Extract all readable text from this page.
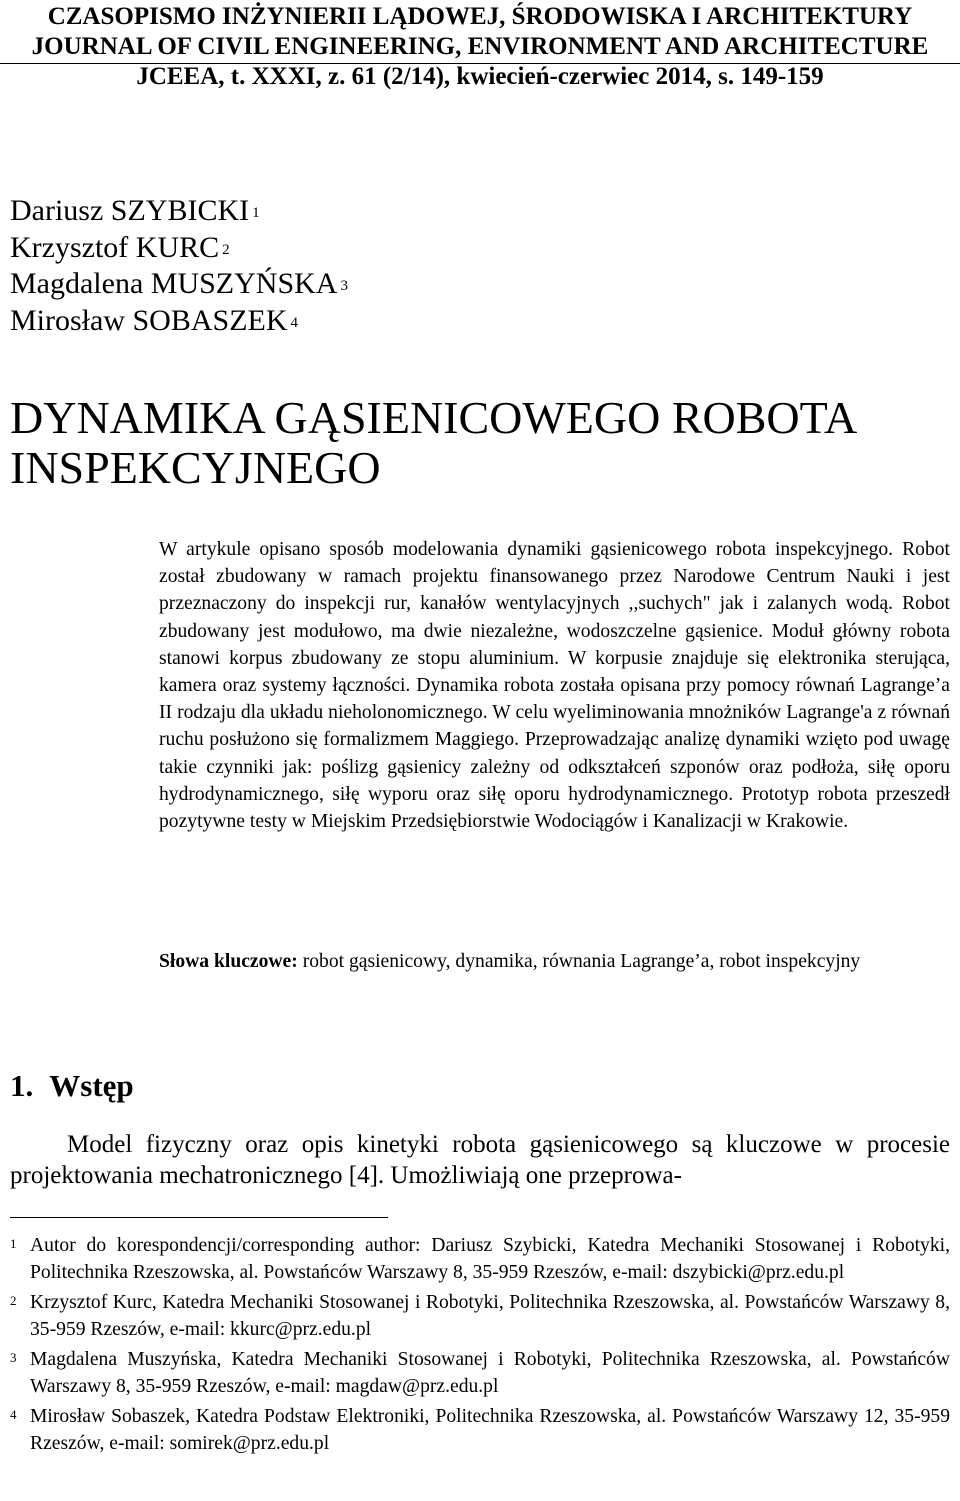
CZASOPISMO INŻYNIERII LĄDOWEJ, ŚRODOWISKA I ARCHITEKTURY
JOURNAL OF CIVIL ENGINEERING, ENVIRONMENT AND ARCHITECTURE
JCEEA, t. XXXI, z. 61 (2/14), kwiecień-czerwiec 2014, s. 149-159
Dariusz SZYBICKI $^1$
Krzysztof KURC $^2$
Magdalena MUSZYŃSKA $^3$
Mirosław SOBASZEK $^4$
DYNAMIKA GĄSIENICOWEGO ROBOTA
INSPEKCYJNEGO
W artykule opisano sposób modelowania dynamiki gąsienicowego robota inspekcyjnego. Robot został zbudowany w ramach projektu finansowanego przez Narodowe Centrum Nauki i jest przeznaczony do inspekcji rur, kanałów wentylacyjnych ,,suchych" jak i zalanych wodą. Robot zbudowany jest modułowo, ma dwie niezależne, wodoszczelne gąsienice. Moduł główny robota stanowi korpus zbudowany ze stopu aluminium. W korpusie znajduje się elektronika sterująca, kamera oraz systemy łączności. Dynamika robota została opisana przy pomocy równań Lagrange’a II rodzaju dla układu nieholonomicznego. W celu wyeliminowania mnożników Lagrange'a z równań ruchu posłużono się formalizmem Maggiego. Przeprowadzając analizę dynamiki wzięto pod uwagę takie czynniki jak: poślizg gąsienicy zależny od odkształceń szponów oraz podłoża, siłę oporu hydrodynamicznego, siłę wyporu oraz siłę oporu hydrodynamicznego. Prototyp robota przeszedł pozytywne testy w Miejskim Przedsiębiorstwie Wodociągów i Kanalizacji w Krakowie.
Słowa kluczowe: robot gąsienicowy, dynamika, równania Lagrange’a, robot inspekcyjny
1. Wstęp
Model fizyczny oraz opis kinetyki robota gąsienicowego są kluczowe w procesie projektowania mechatronicznego [4]. Umożliwiają one przeprowa-
1 Autor do korespondencji/corresponding author: Dariusz Szybicki, Katedra Mechaniki Stosowanej i Robotyki, Politechnika Rzeszowska, al. Powstańców Warszawy 8, 35-959 Rzeszów, e-mail: dszybicki@prz.edu.pl
2 Krzysztof Kurc, Katedra Mechaniki Stosowanej i Robotyki, Politechnika Rzeszowska, al. Powstańców Warszawy 8, 35-959 Rzeszów, e-mail: kkurc@prz.edu.pl
3 Magdalena Muszyńska, Katedra Mechaniki Stosowanej i Robotyki, Politechnika Rzeszowska, al. Powstańców Warszawy 8, 35-959 Rzeszów, e-mail: magdaw@prz.edu.pl
4 Mirosław Sobaszek, Katedra Podstaw Elektroniki, Politechnika Rzeszowska, al. Powstańców Warszawy 12, 35-959 Rzeszów, e-mail: somirek@prz.edu.pl
